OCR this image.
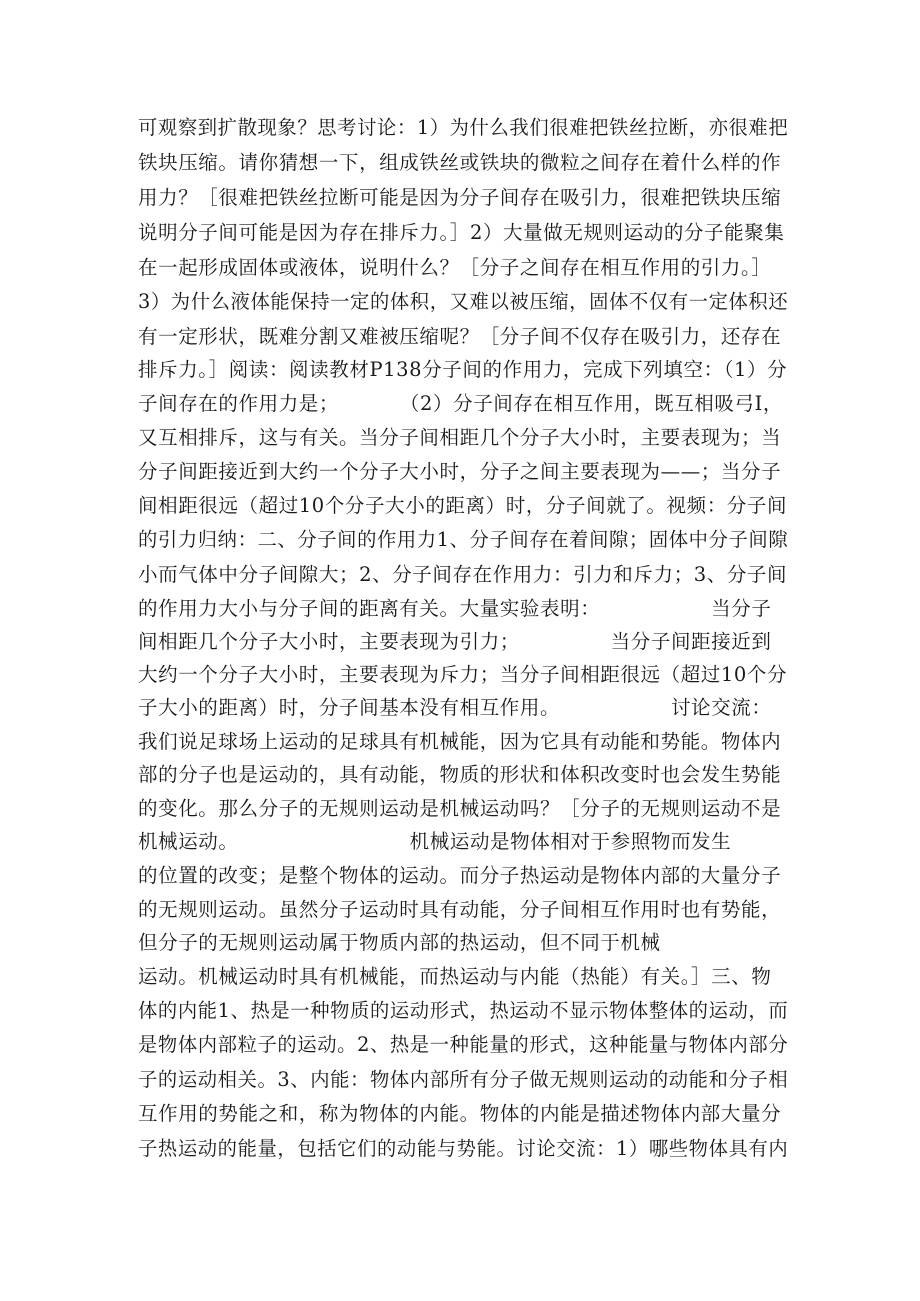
可观察到扩散现象？思考讨论：1）为什么我们很难把铁丝拉断，亦很难把
铁块压缩。请你猜想一下，组成铁丝或铁块的微粒之间存在着什么样的作
用力？［很难把铁丝拉断可能是因为分子间存在吸引力，很难把铁块压缩
说明分子间可能是因为存在排斥力。］2）大量做无规则运动的分子能聚集
在一起形成固体或液体，说明什么？［分子之间存在相互作用的引力。］
3）为什么液体能保持一定的体积，又难以被压缩，固体不仅有一定体积还
有一定形状，既难分割又难被压缩呢？［分子间不仅存在吸引力，还存在
排斥力。］阅读：阅读教材P138分子间的作用力，完成下列填空：（1）分
子间存在的作用力是；　　　　（2）分子间存在相互作用，既互相吸弓I，
又互相排斥，这与有关。当分子间相距几个分子大小时，主要表现为；当
分子间距接近到大约一个分子大小时，分子之间主要表现为——；当分子
间相距很远（超过10个分子大小的距离）时，分子间就了。视频：分子间
的引力归纳：二、分子间的作用力1、分子间存在着间隙；固体中分子间隙
小而气体中分子间隙大；2、分子间存在作用力：引力和斥力；3、分子间
的作用力大小与分子间的距离有关。大量实验表明：　　　　　　当分子
间相距几个分子大小时，主要表现为引力；　　　　　当分子间距接近到
大约一个分子大小时，主要表现为斥力；当分子间相距很远（超过10个分
子大小的距离）时，分子间基本没有相互作用。　　　　　　讨论交流：
我们说足球场上运动的足球具有机械能，因为它具有动能和势能。物体内
部的分子也是运动的，具有动能，物质的形状和体积改变时也会发生势能
的变化。那么分子的无规则运动是机械运动吗？［分子的无规则运动不是
机械运动。　　　　　　　　　机械运动是物体相对于参照物而发生
的位置的改变；是整个物体的运动。而分子热运动是物体内部的大量分子
的无规则运动。虽然分子运动时具有动能，分子间相互作用时也有势能，
但分子的无规则运动属于物质内部的热运动，但不同于机械
运动。机械运动时具有机械能，而热运动与内能（热能）有关。］三、物
体的内能1、热是一种物质的运动形式，热运动不显示物体整体的运动，而
是物体内部粒子的运动。2、热是一种能量的形式，这种能量与物体内部分
子的运动相关。3、内能：物体内部所有分子做无规则运动的动能和分子相
互作用的势能之和，称为物体的内能。物体的内能是描述物体内部大量分
子热运动的能量，包括它们的动能与势能。讨论交流：1）哪些物体具有内
